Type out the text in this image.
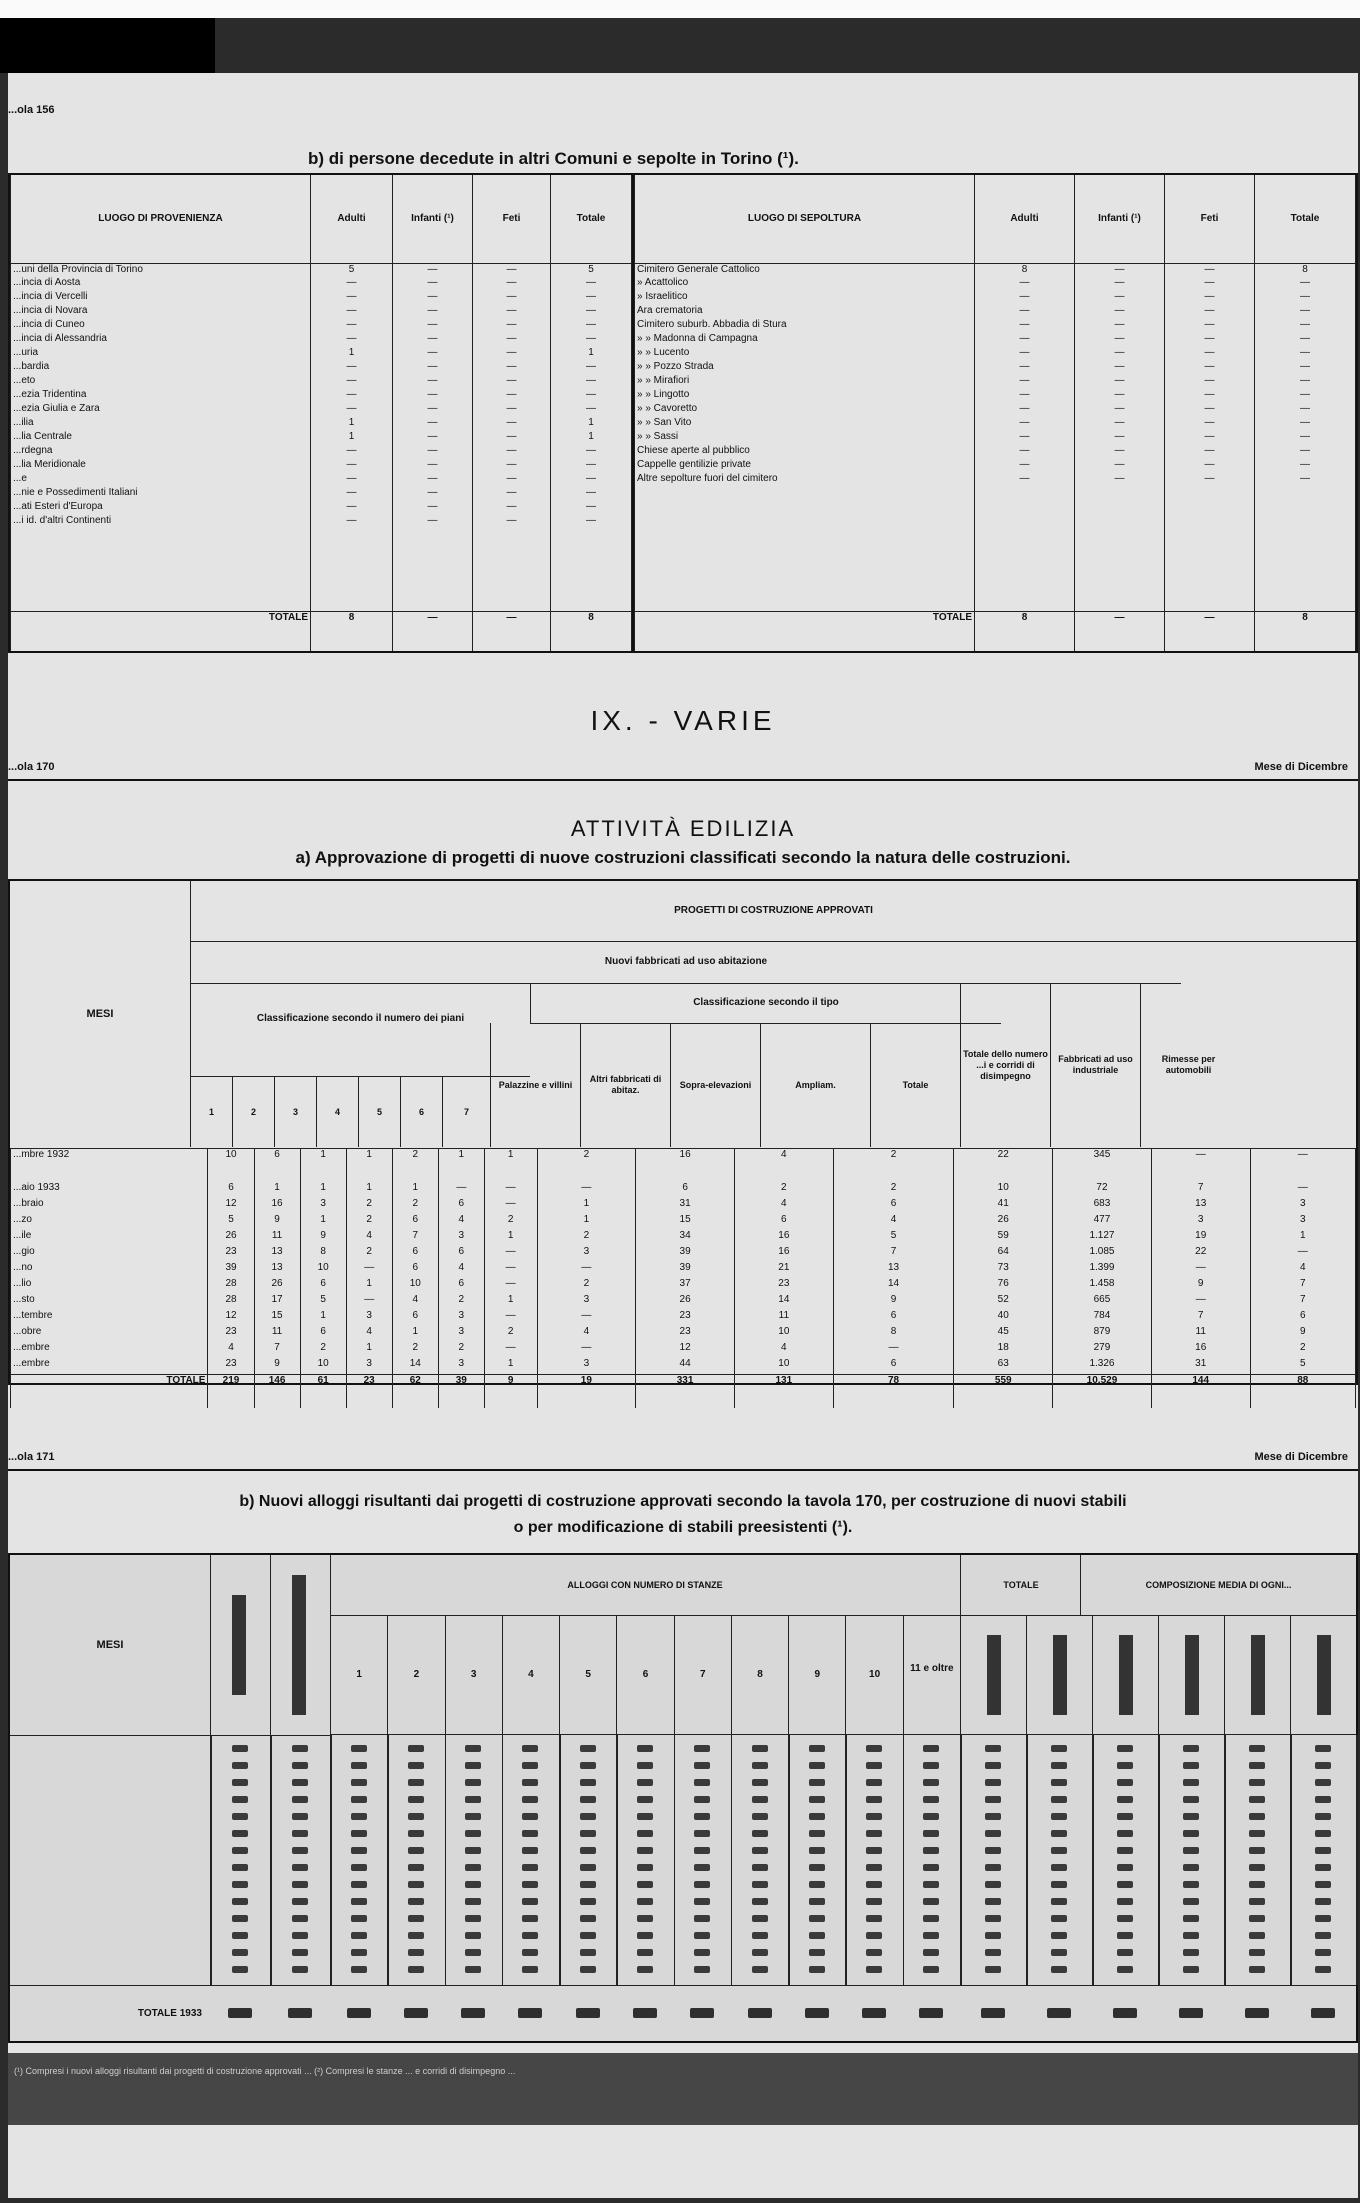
...ola 156
b) di persone decedute in altri Comuni e sepolte in Torino (¹).
LUOGO DI PROVENIENZA	Adulti	Infanti (¹)	Feti	Totale
...uni della Provincia di Torino	5	—	—	5
...incia di Aosta	—	—	—	—
...incia di Vercelli	—	—	—	—
...incia di Novara	—	—	—	—
...incia di Cuneo	—	—	—	—
...incia di Alessandria	—	—	—	—
...uria	1	—	—	1
...bardia	—	—	—	—
...eto	—	—	—	—
...ezia Tridentina	—	—	—	—
...ezia Giulia e Zara	—	—	—	—
...ilia	1	—	—	1
...lia Centrale	1	—	—	1
...rdegna	—	—	—	—
...lia Meridionale	—	—	—	—
...e	—	—	—	—
...nie e Possedimenti Italiani	—	—	—	—
...ati Esteri d'Europa	—	—	—	—
...i id. d'altri Continenti	—	—	—	—

TOTALE	8	—	—	8
LUOGO DI SEPOLTURA	Adulti	Infanti (¹)	Feti	Totale
Cimitero Generale Cattolico	8	—	—	8
» Acattolico	—	—	—	—
» Israelitico	—	—	—	—
Ara crematoria	—	—	—	—
Cimitero suburb. Abbadia di Stura	—	—	—	—
» » Madonna di Campagna	—	—	—	—
» » Lucento	—	—	—	—
» » Pozzo Strada	—	—	—	—
» » Mirafiori	—	—	—	—
» » Lingotto	—	—	—	—
» » Cavoretto	—	—	—	—
» » San Vito	—	—	—	—
» » Sassi	—	—	—	—
Chiese aperte al pubblico	—	—	—	—
Cappelle gentilizie private	—	—	—	—
Altre sepolture fuori del cimitero	—	—	—	—

TOTALE	8	—	—	8
IX. - VARIE
...ola 170	Mese di Dicembre
ATTIVITÀ EDILIZIA
a) Approvazione di progetti di nuove costruzioni classificati secondo la natura delle costruzioni.
PROGETTI DI COSTRUZIONE APPROVATI
Nuovi fabbricati ad uso abitazione
Classificazione secondo il numero dei piani
Classificazione secondo il tipo
MESI

...mbre 1932	10	6	1	1	2	1	1	2	16	4	2	22	345	—	—
...aio 1933	6	1	1	1	1	—	—	—	6	2	2	10	72	7	—
...braio	12	16	3	2	2	6	—	1	31	4	6	41	683	13	3
...zo	5	9	1	2	6	4	2	1	15	6	4	26	477	3	3
...ile	26	11	9	4	7	3	1	2	34	16	5	59	1.127	19	1
...gio	23	13	8	2	6	6	—	3	39	16	7	64	1.085	22	—
...no	39	13	10	—	6	4	—	—	39	21	13	73	1.399	—	4
...lio	28	26	6	1	10	6	—	2	37	23	14	76	1.458	9	7
...sto	28	17	5	—	4	2	1	3	26	14	9	52	665	—	7
...tembre	12	15	1	3	6	3	—	—	23	11	6	40	784	7	6
...obre	23	11	6	4	1	3	2	4	23	10	8	45	879	11	9
...embre	4	7	2	1	2	2	—	—	12	4	—	18	279	16	2
...embre	23	9	10	3	14	3	1	3	44	10	6	63	1.326	31	5
TOTALE	219	146	61	23	62	39	9	19	331	131	78	559	10.529	144	88
1	2	3	4	5	6	7
Palazzine e villini
Altri fabbricati di abitaz.
Sopra-elevazioni	Ampliam.	Totale
Totale dello numero ...i e corridi di disimpegno
Fabbricati ad uso industriale
Rimesse per automobili
...ola 171	Mese di Dicembre
b) Nuovi alloggi risultanti dai progetti di costruzione approvati secondo la tavola 170, per costruzione di nuovi stabili
o per modificazione di stabili preesistenti (¹).
MESI
ALLOGGI CON NUMERO DI STANZE	TOTALE	COMPOSIZIONE MEDIA DI OGNI...
1	2	3	4	5	6	7	8	9	10
11 e oltre
TOTALE 1933
(¹) Compresi i nuovi alloggi risultanti dai progetti di costruzione approvati ... (²) Compresi le stanze ... e corridi di disimpegno ...
